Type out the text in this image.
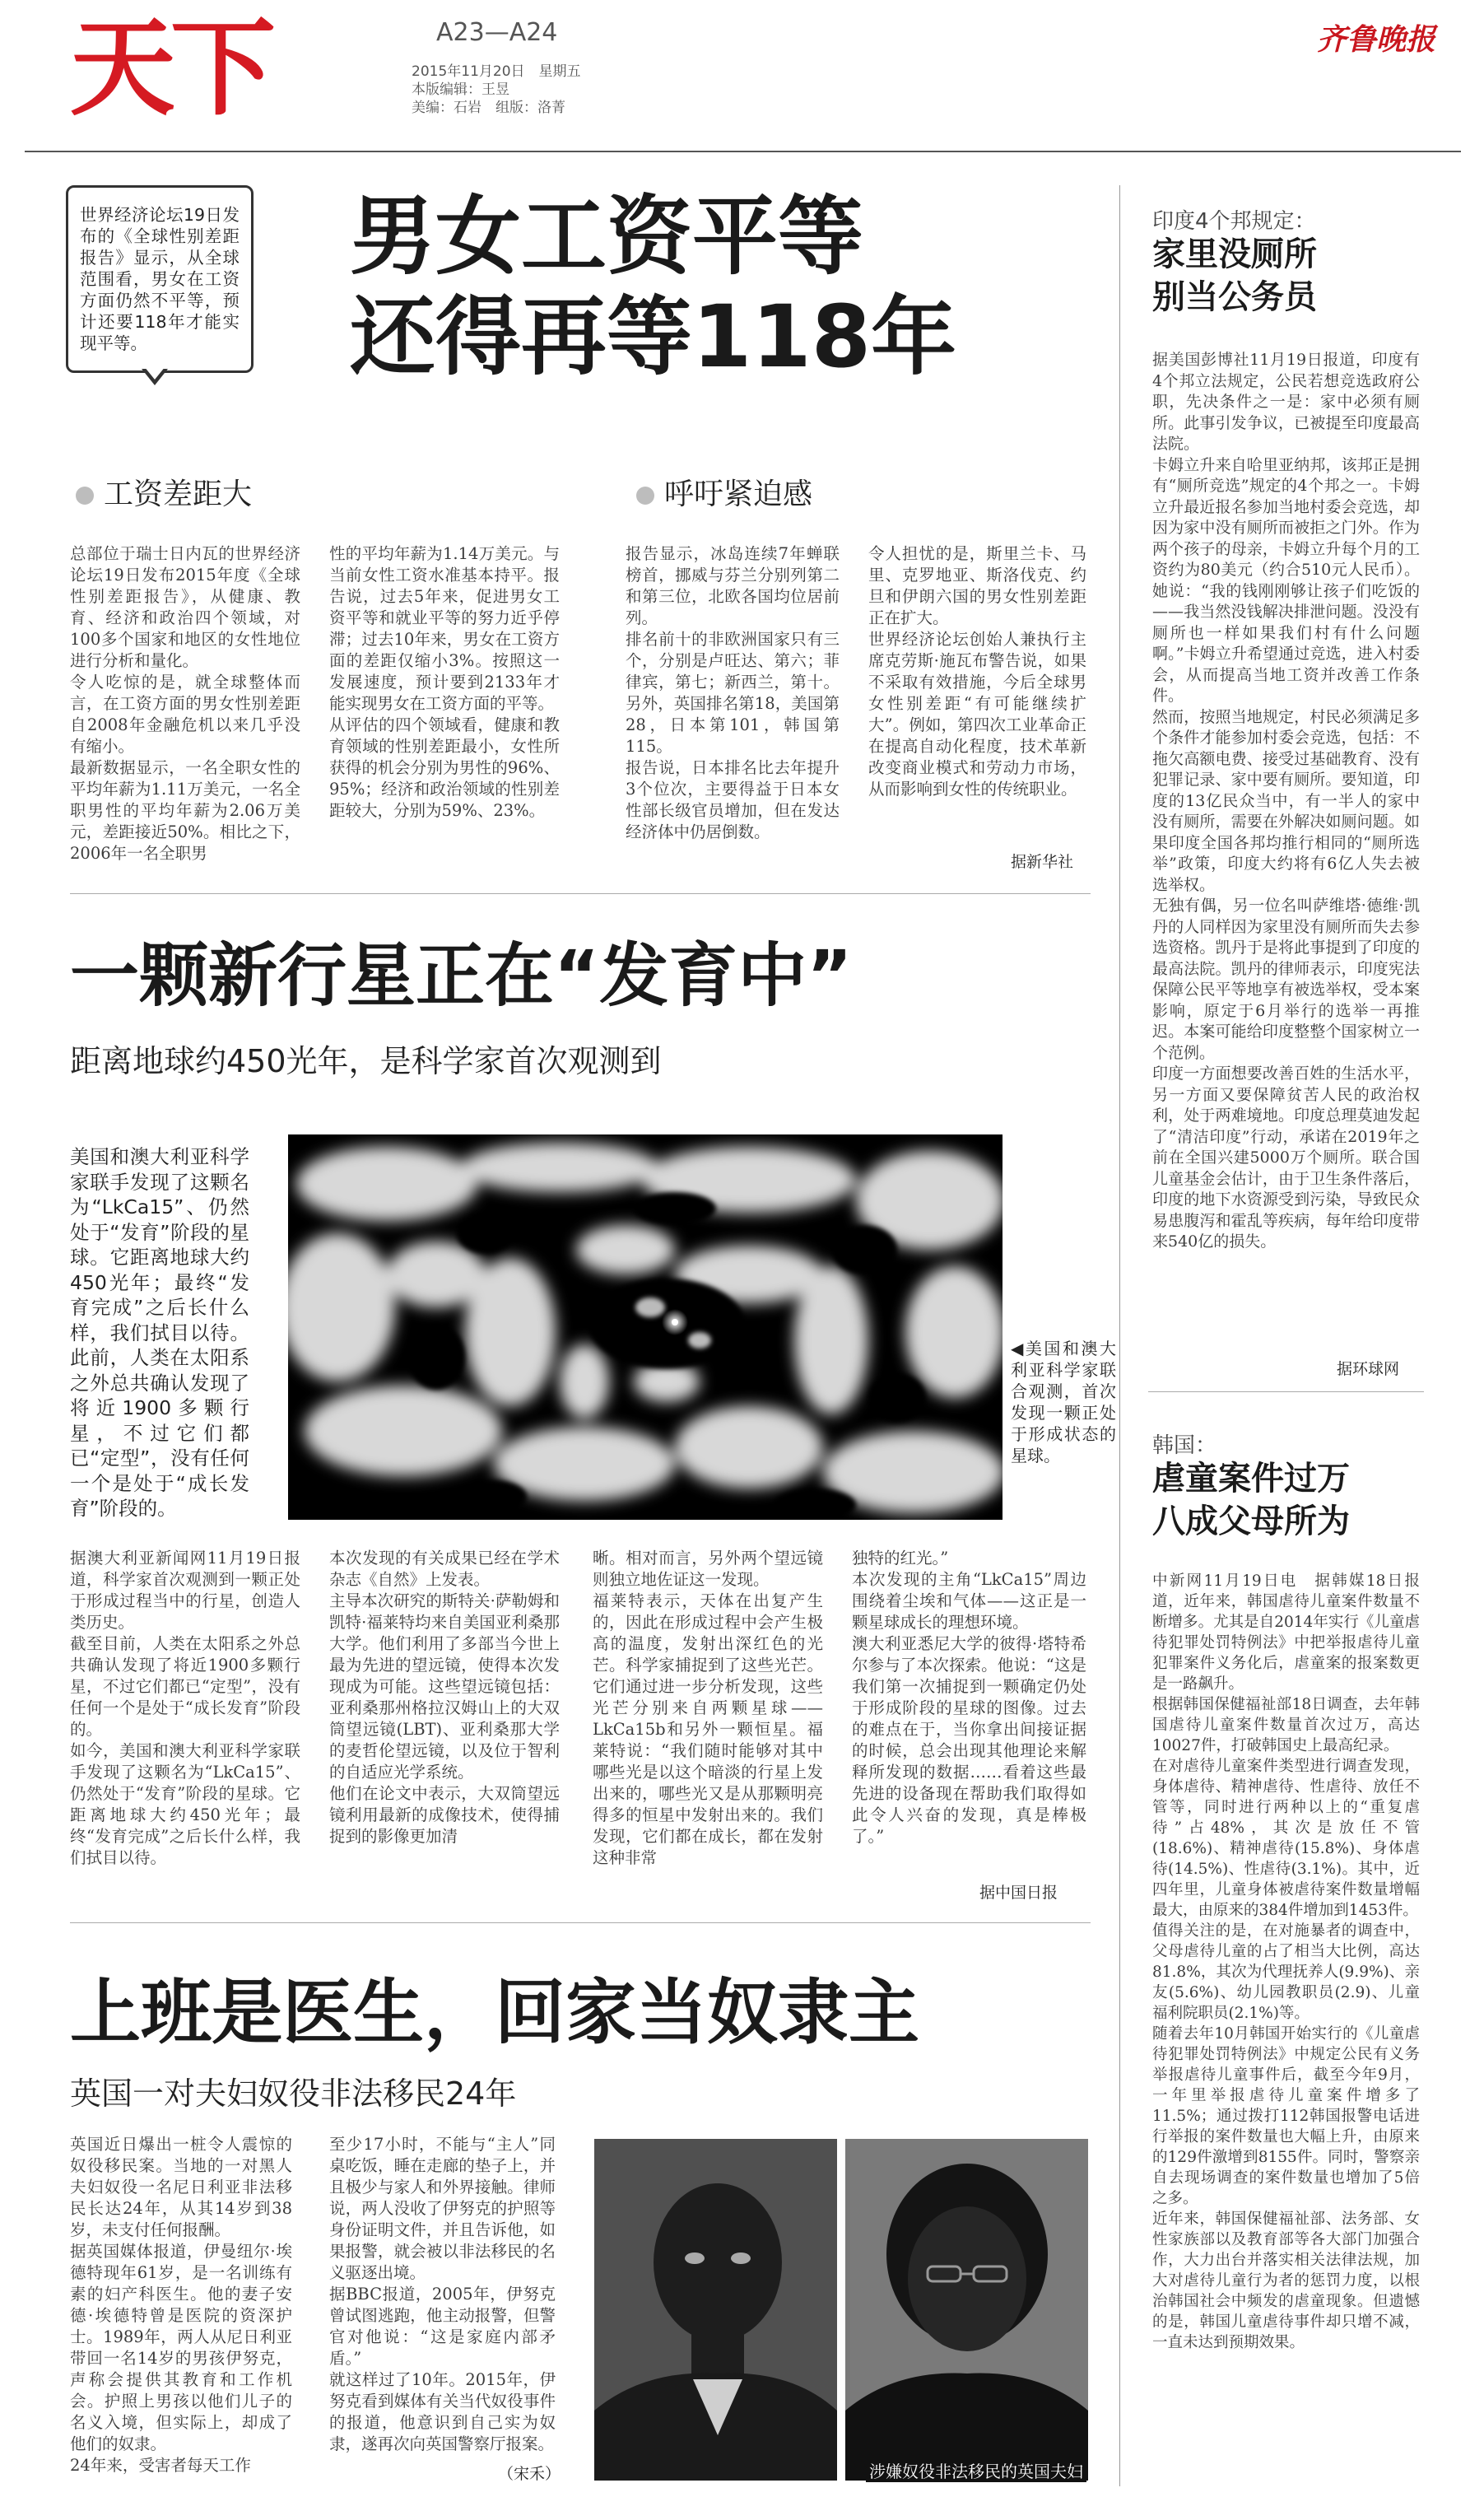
天下	A23—A24
2015年11月20日　星期五
本版编辑：王昱
美编：石岩　组版：洛菁
齐鲁晚报
世界经济论坛19日发布的《全球性别差距报告》显示，从全球范围看，男女在工资方面仍然不平等，预计还要118年才能实现平等。
男女工资平等
还得再等118年
工资差距大	呼吁紧迫感
总部位于瑞士日内瓦的世界经济论坛19日发布2015年度《全球性别差距报告》，从健康、教育、经济和政治四个领域，对100多个国家和地区的女性地位进行分析和量化。
令人吃惊的是，就全球整体而言，在工资方面的男女性别差距自2008年金融危机以来几乎没有缩小。
最新数据显示，一名全职女性的平均年薪为1.11万美元，一名全职男性的平均年薪为2.06万美元，差距接近50%。相比之下，2006年一名全职男
性的平均年薪为1.14万美元。与当前女性工资水准基本持平。报告说，过去5年来，促进男女工资平等和就业平等的努力近乎停滞；过去10年来，男女在工资方面的差距仅缩小3%。按照这一发展速度，预计要到2133年才能实现男女在工资方面的平等。
从评估的四个领域看，健康和教育领域的性别差距最小，女性所获得的机会分别为男性的96%、95%；经济和政治领域的性别差距较大，分别为59%、23%。
报告显示，冰岛连续7年蝉联榜首，挪威与芬兰分别列第二和第三位，北欧各国均位居前列。
排名前十的非欧洲国家只有三个，分别是卢旺达、第六；菲律宾，第七；新西兰，第十。另外，英国排名第18，美国第28，日本第101，韩国第115。
报告说，日本排名比去年提升3个位次，主要得益于日本女性部长级官员增加，但在发达经济体中仍居倒数。
令人担忧的是，斯里兰卡、马里、克罗地亚、斯洛伐克、约旦和伊朗六国的男女性别差距正在扩大。
世界经济论坛创始人兼执行主席克劳斯·施瓦布警告说，如果不采取有效措施，今后全球男女性别差距“有可能继续扩大”。例如，第四次工业革命正在提高自动化程度，技术革新改变商业模式和劳动力市场，从而影响到女性的传统职业。
据新华社
一颗新行星正在“发育中”
距离地球约450光年，是科学家首次观测到
美国和澳大利亚科学家联手发现了这颗名为“LkCa15”、仍然处于“发育”阶段的星球。它距离地球大约450光年；最终“发育完成”之后长什么样，我们拭目以待。此前，人类在太阳系之外总共确认发现了将近1900多颗行星，不过它们都已“定型”，没有任何一个是处于“成长发育”阶段的。
◀美国和澳大利亚科学家联合观测，首次发现一颗正处于形成状态的星球。
据澳大利亚新闻网11月19日报道，科学家首次观测到一颗正处于形成过程当中的行星，创造人类历史。
截至目前，人类在太阳系之外总共确认发现了将近1900多颗行星，不过它们都已“定型”，没有任何一个是处于“成长发育”阶段的。
如今，美国和澳大利亚科学家联手发现了这颗名为“LkCa15”、仍然处于“发育”阶段的星球。它距离地球大约450光年；最终“发育完成”之后长什么样，我们拭目以待。
本次发现的有关成果已经在学术杂志《自然》上发表。
主导本次研究的斯特关·萨勒姆和凯特·福莱特均来自美国亚利桑那大学。他们利用了多部当今世上最为先进的望远镜，使得本次发现成为可能。这些望远镜包括：亚利桑那州格拉汉姆山上的大双筒望远镜(LBT)、亚利桑那大学的麦哲伦望远镜，以及位于智利的自适应光学系统。
他们在论文中表示，大双筒望远镜利用最新的成像技术，使得捕捉到的影像更加清
晰。相对而言，另外两个望远镜则独立地佐证这一发现。
福莱特表示，天体在出复产生的，因此在形成过程中会产生极高的温度，发射出深红色的光芒。科学家捕捉到了这些光芒。它们通过进一步分析发现，这些光芒分别来自两颗星球——LkCa15b和另外一颗恒星。福莱特说：“我们随时能够对其中哪些光是以这个暗淡的行星上发出来的，哪些光又是从那颗明亮得多的恒星中发射出来的。我们发现，它们都在成长，都在发射这种非常
独特的红光。”
本次发现的主角“LkCa15”周边围绕着尘埃和气体——这正是一颗星球成长的理想环境。
澳大利亚悉尼大学的彼得·塔特希尔参与了本次探索。他说：“这是我们第一次捕捉到一颗确定仍处于形成阶段的星球的图像。过去的难点在于，当你拿出间接证据的时候，总会出现其他理论来解释所发现的数据……看着这些最先进的设备现在帮助我们取得如此令人兴奋的发现，真是棒极了。”
据中国日报
上班是医生，回家当奴隶主
英国一对夫妇奴役非法移民24年
英国近日爆出一桩令人震惊的奴役移民案。当地的一对黑人夫妇奴役一名尼日利亚非法移民长达24年，从其14岁到38岁，未支付任何报酬。
据英国媒体报道，伊曼纽尔·埃德特现年61岁，是一名训练有素的妇产科医生。他的妻子安德·埃德特曾是医院的资深护士。1989年，两人从尼日利亚带回一名14岁的男孩伊努克，声称会提供其教育和工作机会。护照上男孩以他们儿子的名义入境，但实际上，却成了他们的奴隶。
24年来，受害者每天工作
至少17小时，不能与“主人”同桌吃饭，睡在走廊的垫子上，并且极少与家人和外界接触。律师说，两人没收了伊努克的护照等身份证明文件，并且告诉他，如果报警，就会被以非法移民的名义驱逐出境。
据BBC报道，2005年，伊努克曾试图逃跑，他主动报警，但警官对他说：“这是家庭内部矛盾。”
就这样过了10年。2015年，伊努克看到媒体有关当代奴役事件的报道，他意识到自己实为奴隶，遂再次向英国警察厅报案。
（宋禾）	涉嫌奴役非法移民的英国夫妇
印度4个邦规定：
家里没厕所
别当公务员
据美国彭博社11月19日报道，印度有4个邦立法规定，公民若想竞选政府公职，先决条件之一是：家中必须有厕所。此事引发争议，已被提至印度最高法院。
卡姆立升来自哈里亚纳邦，该邦正是拥有“厕所竞选”规定的4个邦之一。卡姆立升最近报名参加当地村委会竞选，却因为家中没有厕所而被拒之门外。作为两个孩子的母亲，卡姆立升每个月的工资约为80美元（约合510元人民币）。她说：“我的钱刚刚够让孩子们吃饭的——我当然没钱解决排泄问题。没没有厕所也一样如果我们村有什么问题啊。”卡姆立升希望通过竞选，进入村委会，从而提高当地工资并改善工作条件。
然而，按照当地规定，村民必须满足多个条件才能参加村委会竞选，包括：不拖欠高额电费、接受过基础教育、没有犯罪记录、家中要有厕所。要知道，印度的13亿民众当中，有一半人的家中没有厕所，需要在外解决如厕问题。如果印度全国各邦均推行相同的“厕所选举”政策，印度大约将有6亿人失去被选举权。
无独有偶，另一位名叫萨维塔·德维·凯丹的人同样因为家里没有厕所而失去参选资格。凯丹于是将此事提到了印度的最高法院。凯丹的律师表示，印度宪法保障公民平等地享有被选举权，受本案影响，原定于6月举行的选举一再推迟。本案可能给印度整整个国家树立一个范例。
印度一方面想要改善百姓的生活水平，另一方面又要保障贫苦人民的政治权利，处于两难境地。印度总理莫迪发起了“清洁印度”行动，承诺在2019年之前在全国兴建5000万个厕所。联合国儿童基金会估计，由于卫生条件落后，印度的地下水资源受到污染，导致民众易患腹泻和霍乱等疾病，每年给印度带来540亿的损失。
据环球网
韩国：
虐童案件过万
八成父母所为
中新网11月19日电　据韩媒18日报道，近年来，韩国虐待儿童案件数量不断增多。尤其是自2014年实行《儿童虐待犯罪处罚特例法》中把举报虐待儿童犯罪案件义务化后，虐童案的报案数更是一路飙升。
根据韩国保健福祉部18日调查，去年韩国虐待儿童案件数量首次过万，高达10027件，打破韩国史上最高纪录。
在对虐待儿童案件类型进行调查发现，身体虐待、精神虐待、性虐待、放任不管等，同时进行两种以上的“重复虐待”占48%，其次是放任不管(18.6%)、精神虐待(15.8%)、身体虐待(14.5%)、性虐待(3.1%)。其中，近四年里，儿童身体被虐待案件数量增幅最大，由原来的384件增加到1453件。
值得关注的是，在对施暴者的调查中，父母虐待儿童的占了相当大比例，高达81.8%，其次为代理抚养人(9.9%)、亲友(5.6%)、幼儿园教职员(2.9)、儿童福利院职员(2.1%)等。
随着去年10月韩国开始实行的《儿童虐待犯罪处罚特例法》中规定公民有义务举报虐待儿童事件后，截至今年9月，一年里举报虐待儿童案件增多了11.5%；通过拨打112韩国报警电话进行举报的案件数量也大幅上升，由原来的129件激增到8155件。同时，警察亲自去现场调查的案件数量也增加了5倍之多。
近年来，韩国保健福祉部、法务部、女性家族部以及教育部等各大部门加强合作，大力出台并落实相关法律法规，加大对虐待儿童行为者的惩罚力度，以根治韩国社会中频发的虐童现象。但遗憾的是，韩国儿童虐待事件却只增不减，一直未达到预期效果。
